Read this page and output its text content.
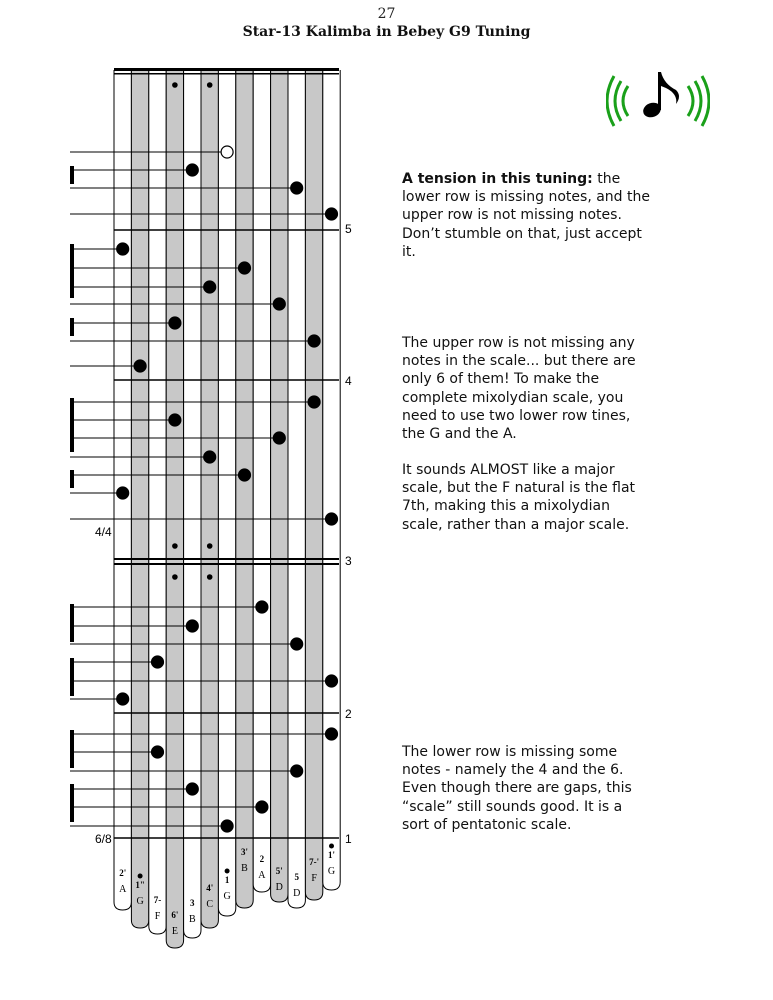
27
Star-13 Kalimba in Bebey G9 Tuning
1
2
3
4
5
4/4
6/8
2'
A 1"
G 7-
F 6'
E
3
B
4'
C
1
G
3'
B
2
A 5'
D
5
D
7-'
F
1'
G
A tension in this tuning: the lower row is missing notes, and the upper row is not missing notes. Don’t stumble on that, just accept it.
The upper row is not missing any notes in the scale... but there are only 6 of them! To make the complete mixolydian scale, you need to use two lower row tines, the G and the A.
It sounds ALMOST like a major scale, but the F natural is the flat 7th, making this a mixolydian scale, rather than a major scale.
The lower row is missing some notes - namely the 4 and the 6. Even though there are gaps, this “scale” still sounds good. It is a sort of pentatonic scale.
